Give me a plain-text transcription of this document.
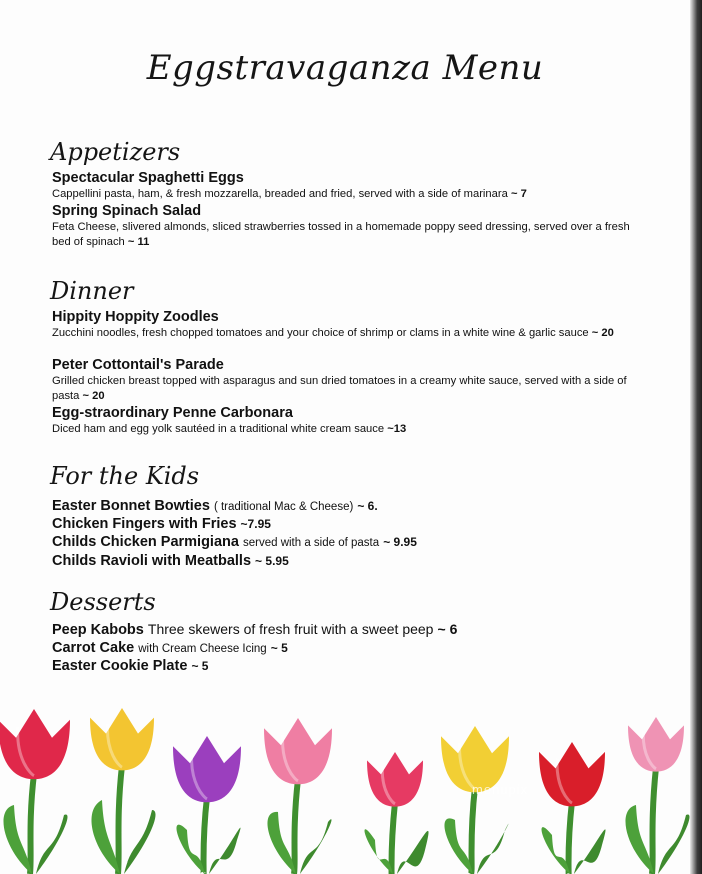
Eggstravaganza Menu
Appetizers
Spectacular Spaghetti Eggs
Cappellini pasta, ham, & fresh mozzarella, breaded and fried, served with a side of marinara ~ 7
Spring Spinach Salad
Feta Cheese, slivered almonds, sliced strawberries tossed in a homemade poppy seed dressing, served over a fresh bed of spinach ~ 11
Dinner
Hippity Hoppity Zoodles
Zucchini noodles, fresh chopped tomatoes and your choice of shrimp or clams in a white wine & garlic sauce ~ 20
Peter Cottontail's Parade
Grilled chicken breast topped with asparagus and sun dried tomatoes in a creamy white sauce, served with a side of pasta ~ 20
Egg-straordinary Penne Carbonara
Diced ham and egg yolk sautéed in a traditional white cream sauce ~13
For the Kids
Easter Bonnet Bowties ( traditional Mac & Cheese) ~ 6.
Chicken Fingers with Fries ~7.95
Childs Chicken Parmigiana served with a side of pasta ~ 9.95
Childs Ravioli with Meatballs ~ 5.95
Desserts
Peep Kabobs Three skewers of fresh fruit with a sweet peep ~ 6
Carrot Cake with Cream Cheese Icing ~ 5
Easter Cookie Plate ~ 5
menupix
